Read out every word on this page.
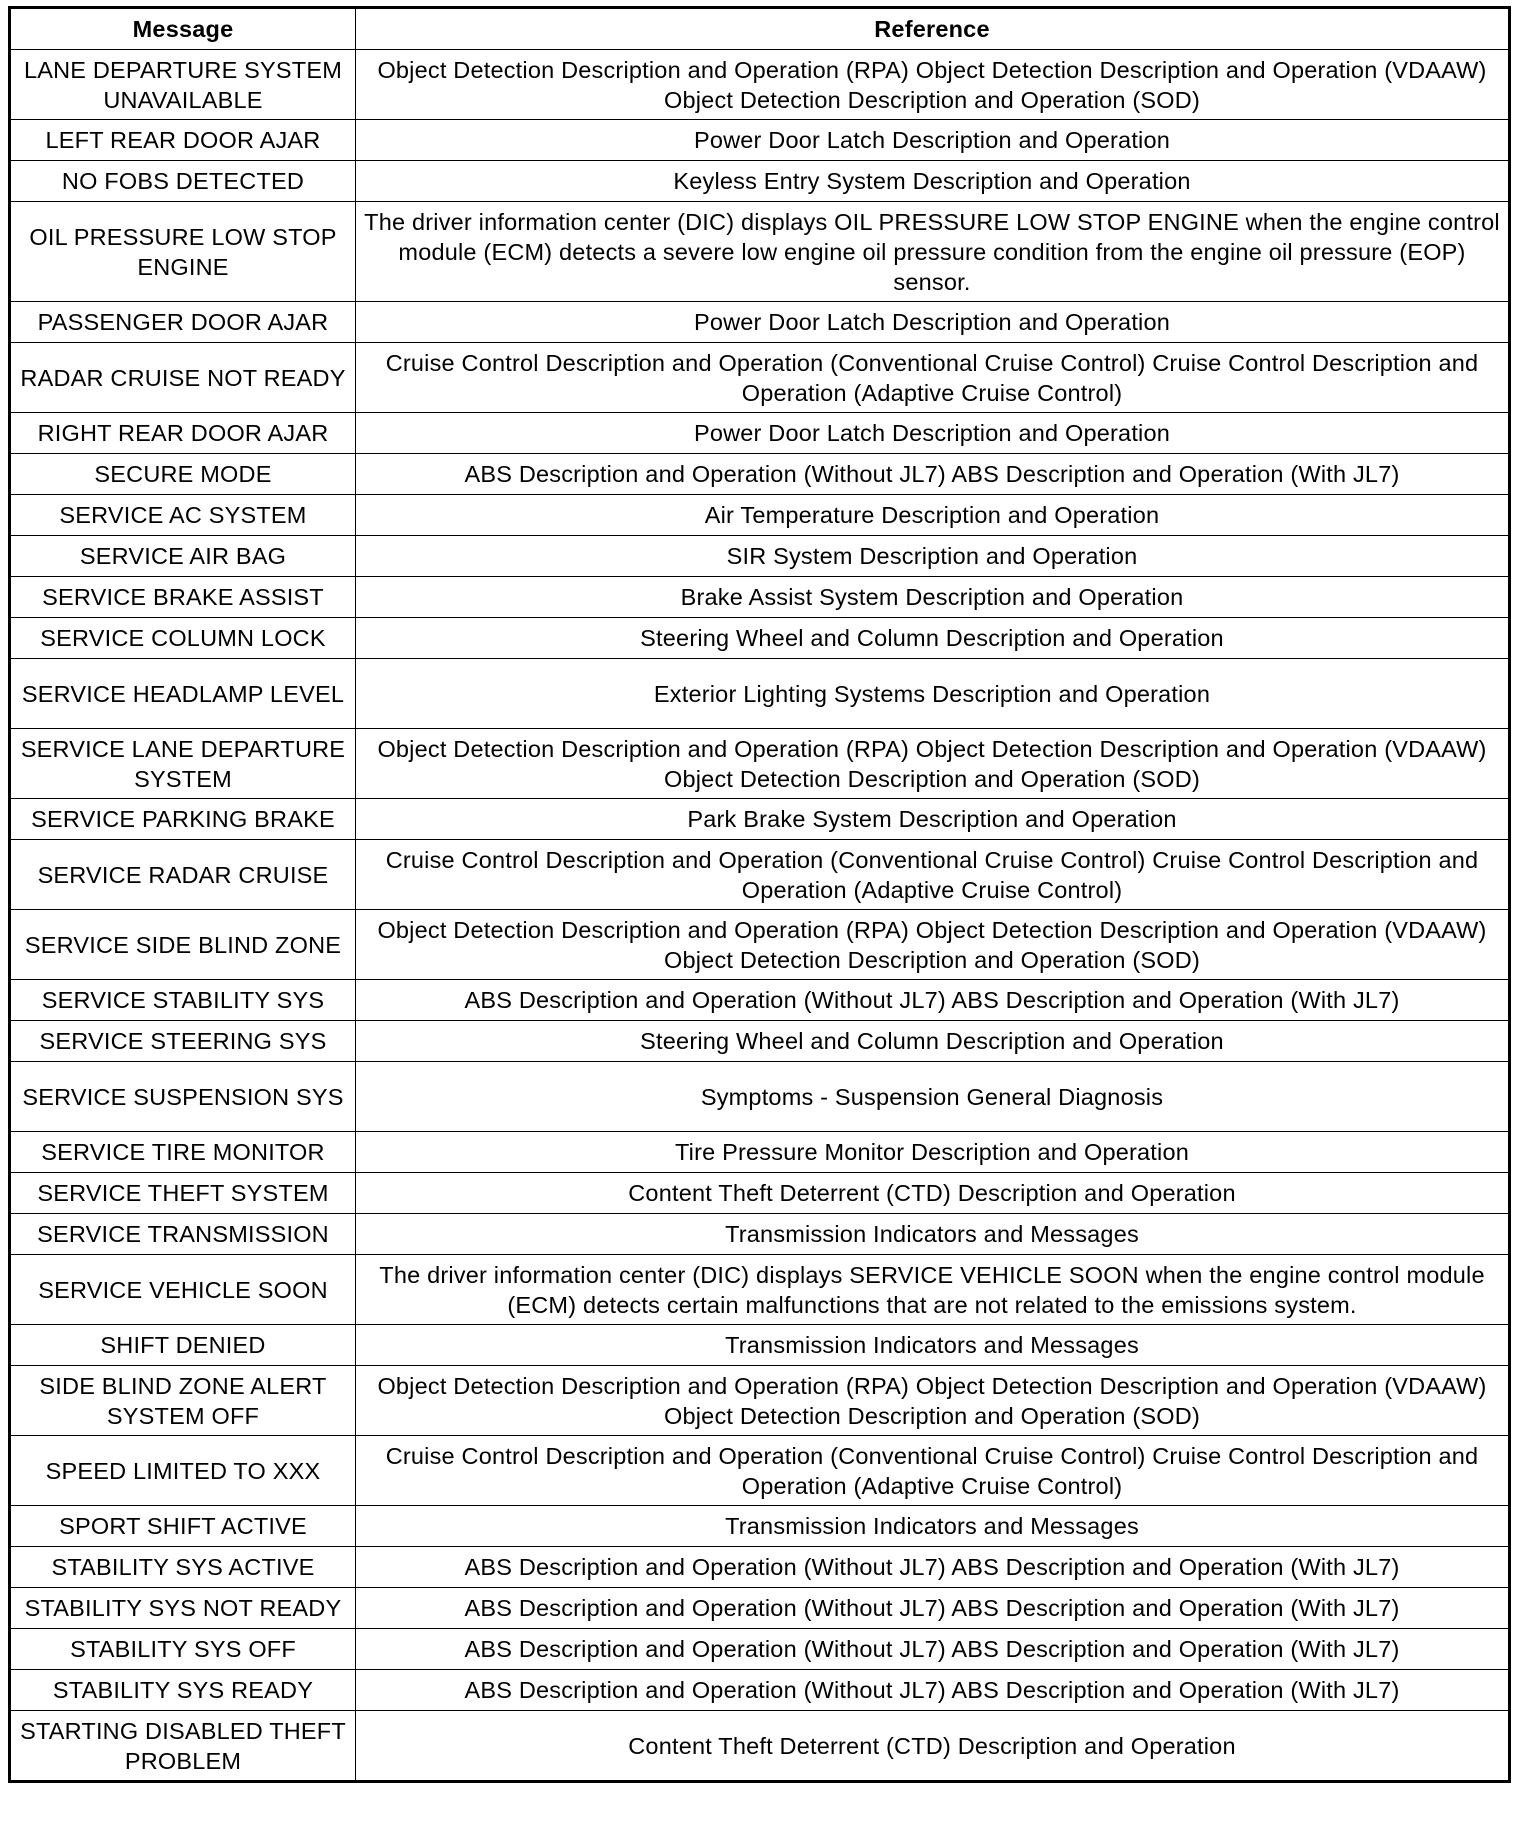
Message	Reference
LANE DEPARTURE SYSTEM UNAVAILABLE	Object Detection Description and Operation (RPA) Object Detection Description and Operation (VDAAW) Object Detection Description and Operation (SOD)
LEFT REAR DOOR AJAR	Power Door Latch Description and Operation
NO FOBS DETECTED	Keyless Entry System Description and Operation
OIL PRESSURE LOW STOP ENGINE	The driver information center (DIC) displays OIL PRESSURE LOW STOP ENGINE when the engine control module (ECM) detects a severe low engine oil pressure condition from the engine oil pressure (EOP) sensor.
PASSENGER DOOR AJAR	Power Door Latch Description and Operation
RADAR CRUISE NOT READY	Cruise Control Description and Operation (Conventional Cruise Control) Cruise Control Description and Operation (Adaptive Cruise Control)
RIGHT REAR DOOR AJAR	Power Door Latch Description and Operation
SECURE MODE	ABS Description and Operation (Without JL7) ABS Description and Operation (With JL7)
SERVICE AC SYSTEM	Air Temperature Description and Operation
SERVICE AIR BAG	SIR System Description and Operation
SERVICE BRAKE ASSIST	Brake Assist System Description and Operation
SERVICE COLUMN LOCK	Steering Wheel and Column Description and Operation
SERVICE HEADLAMP LEVEL	Exterior Lighting Systems Description and Operation
SERVICE LANE DEPARTURE SYSTEM	Object Detection Description and Operation (RPA) Object Detection Description and Operation (VDAAW) Object Detection Description and Operation (SOD)
SERVICE PARKING BRAKE	Park Brake System Description and Operation
SERVICE RADAR CRUISE	Cruise Control Description and Operation (Conventional Cruise Control) Cruise Control Description and Operation (Adaptive Cruise Control)
SERVICE SIDE BLIND ZONE	Object Detection Description and Operation (RPA) Object Detection Description and Operation (VDAAW) Object Detection Description and Operation (SOD)
SERVICE STABILITY SYS	ABS Description and Operation (Without JL7) ABS Description and Operation (With JL7)
SERVICE STEERING SYS	Steering Wheel and Column Description and Operation
SERVICE SUSPENSION SYS	Symptoms - Suspension General Diagnosis
SERVICE TIRE MONITOR	Tire Pressure Monitor Description and Operation
SERVICE THEFT SYSTEM	Content Theft Deterrent (CTD) Description and Operation
SERVICE TRANSMISSION	Transmission Indicators and Messages
SERVICE VEHICLE SOON	The driver information center (DIC) displays SERVICE VEHICLE SOON when the engine control module (ECM) detects certain malfunctions that are not related to the emissions system.
SHIFT DENIED	Transmission Indicators and Messages
SIDE BLIND ZONE ALERT SYSTEM OFF	Object Detection Description and Operation (RPA) Object Detection Description and Operation (VDAAW) Object Detection Description and Operation (SOD)
SPEED LIMITED TO XXX	Cruise Control Description and Operation (Conventional Cruise Control) Cruise Control Description and Operation (Adaptive Cruise Control)
SPORT SHIFT ACTIVE	Transmission Indicators and Messages
STABILITY SYS ACTIVE	ABS Description and Operation (Without JL7) ABS Description and Operation (With JL7)
STABILITY SYS NOT READY	ABS Description and Operation (Without JL7) ABS Description and Operation (With JL7)
STABILITY SYS OFF	ABS Description and Operation (Without JL7) ABS Description and Operation (With JL7)
STABILITY SYS READY	ABS Description and Operation (Without JL7) ABS Description and Operation (With JL7)
STARTING DISABLED THEFT PROBLEM	Content Theft Deterrent (CTD) Description and Operation
